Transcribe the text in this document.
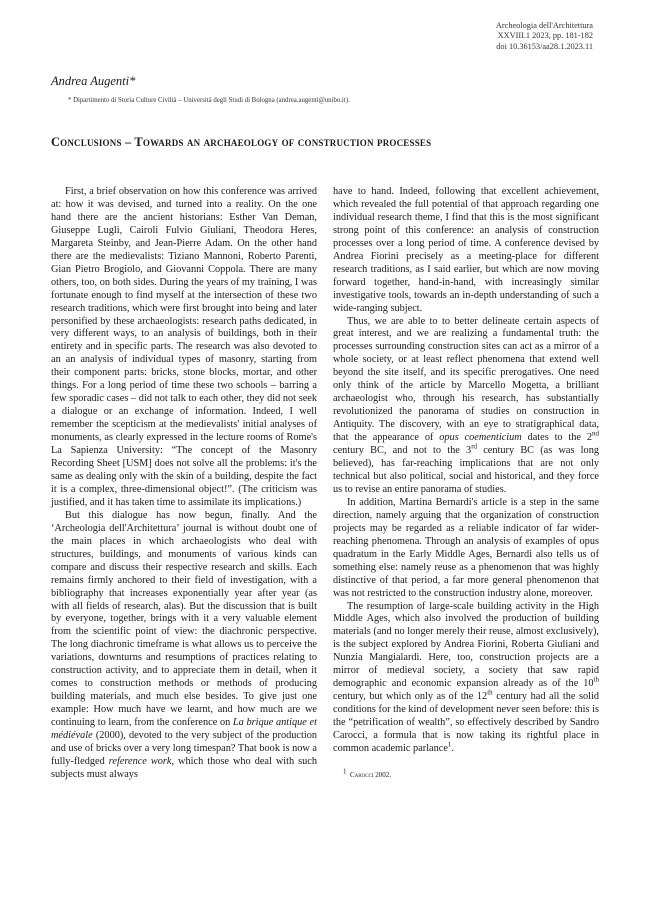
Archeologia dell'Architettura
XXVIII.1 2023, pp. 181-182
doi 10.36153/aa28.1.2023.11
Andrea Augenti*
* Dipartimento di Storia Culture Civiltà – Università degli Studi di Bologna (andrea.augenti@unibo.it).
Conclusions – Towards an archaeology of construction processes

First, a brief observation on how this conference was arrived at: how it was devised, and turned into a reality. On the one hand there are the ancient historians: Esther Van Deman, Giuseppe Lugli, Cairoli Fulvio Giuliani, Theodora Heres, Margareta Steinby, and Jean-Pierre Adam. On the other hand there are the medievalists: Tiziano Mannoni, Roberto Parenti, Gian Pietro Brogiolo, and Giovanni Coppola. There are many others, too, on both sides. During the years of my training, I was fortunate enough to find myself at the intersection of these two research traditions, which were first brought into being and later personified by these archaeologists: research paths dedicated, in very different ways, to an analysis of buildings, both in their entirety and in specific parts. The research was also devoted to an an analysis of individual types of masonry, starting from their component parts: bricks, stone blocks, mortar, and other things. For a long period of time these two schools – barring a few sporadic cases – did not talk to each other, they did not seek a dialogue or an exchange of information. Indeed, I well remember the scepticism at the medievalists' initial analyses of monuments, as clearly expressed in the lecture rooms of Rome's La Sapienza University: “The concept of the Masonry Recording Sheet [USM] does not solve all the problems: it's the same as dealing only with the skin of a building, despite the fact it is a complex, three-dimensional object!”. (The criticism was justified, and it has taken time to assimilate its implications.)

But this dialogue has now begun, finally. And the ‘Archeologia dell'Architettura’ journal is without doubt one of the main places in which archaeologists who deal with structures, buildings, and monuments of various kinds can compare and discuss their respective research and skills. Each remains firmly anchored to their field of investigation, with a bibliography that increases exponentially year after year (as with all fields of research, alas). But the discussion that is built by everyone, together, brings with it a very valuable element from the scientific point of view: the diachronic perspective. The long diachronic timeframe is what allows us to perceive the variations, downturns and resumptions of practices relating to construction activity, and to appreciate them in detail, when it comes to construction methods or methods of producing building materials, and much else besides. To give just one example: How much have we learnt, and how much are we continuing to learn, from the conference on La brique antique et médiévale (2000), devoted to the very subject of the production and use of bricks over a very long timespan? That book is now a fully-fledged reference work, which those who deal with such subjects must always

have to hand. Indeed, following that excellent achievement, which revealed the full potential of that approach regarding one individual research theme, I find that this is the most significant strong point of this conference: an analysis of construction processes over a long period of time. A conference devised by Andrea Fiorini precisely as a meeting-place for different research traditions, as I said earlier, but which are now moving forward together, hand-in-hand, with increasingly similar investigative tools, towards an in-depth understanding of such a wide-ranging subject.

Thus, we are able to to better delineate certain aspects of great interest, and we are realizing a fundamental truth: the processes surrounding construction sites can act as a mirror of a whole society, or at least reflect phenomena that extend well beyond the site itself, and its specific prerogatives. One need only think of the article by Marcello Mogetta, a brilliant archaeologist who, through his research, has substantially revolutionized the panorama of studies on construction in Antiquity. The discovery, with an eye to stratigraphical data, that the appearance of opus coementicium dates to the 2nd century BC, and not to the 3rd century BC (as was long believed), has far-reaching implications that are not only technical but also political, social and historical, and they force us to revise an entire panorama of studies.

In addition, Martina Bernardi's article is a step in the same direction, namely arguing that the organization of construction projects may be regarded as a reliable indicator of far wider-reaching phenomena. Through an analysis of examples of opus quadratum in the Early Middle Ages, Bernardi also tells us of something else: namely reuse as a phenomenon that was highly distinctive of that period, a far more general phenomenon that was not restricted to the construction industry alone, moreover.

The resumption of large-scale building activity in the High Middle Ages, which also involved the production of building materials (and no longer merely their reuse, almost exclusively), is the subject explored by Andrea Fiorini, Roberta Giuliani and Nunzia Mangialardi. Here, too, construction projects are a mirror of medieval society, a society that saw rapid demographic and economic expansion already as of the 10th century, but which only as of the 12th century had all the solid conditions for the kind of development never seen before: this is the “petrification of wealth”, so effectively described by Sandro Carocci, a formula that is now taking its rightful place in common academic parlance$^1$.

$^1$ Carocci 2002.
